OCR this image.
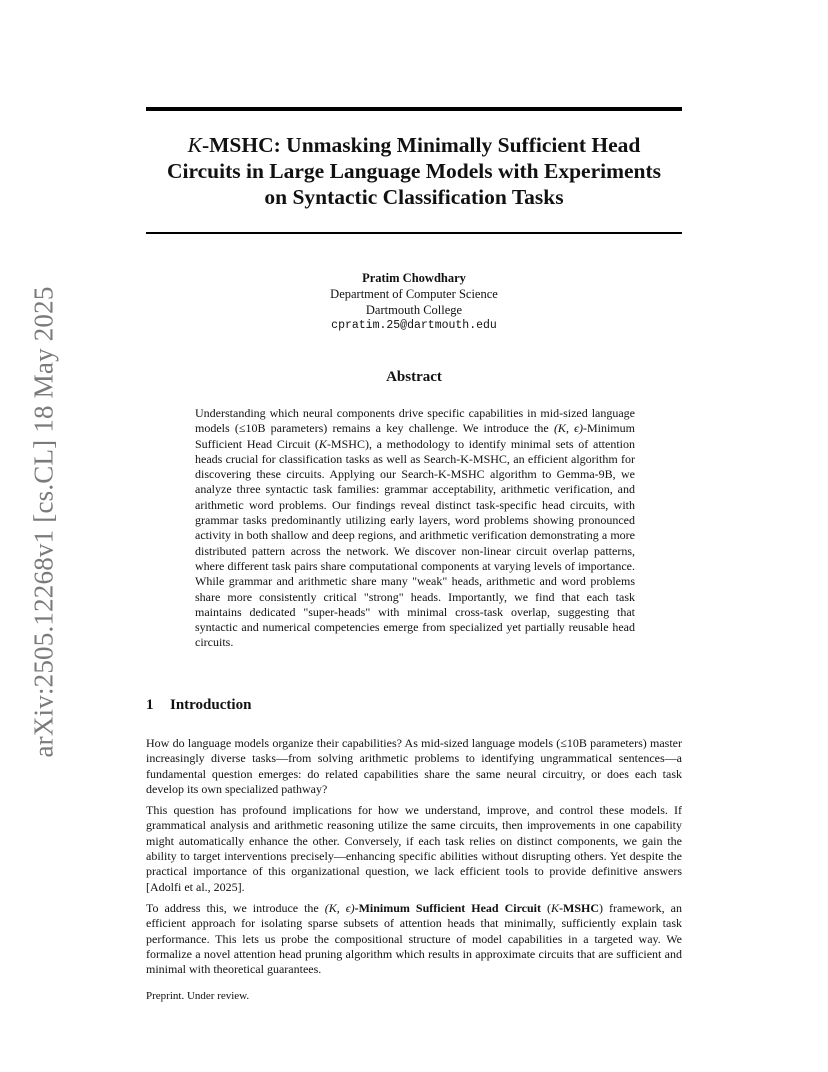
arXiv:2505.12268v1 [cs.CL] 18 May 2025
K-MSHC: Unmasking Minimally Sufficient Head
Circuits in Large Language Models with Experiments
on Syntactic Classification Tasks
Pratim Chowdhary
Department of Computer Science
Dartmouth College
cpratim.25@dartmouth.edu
Abstract
Understanding which neural components drive specific capabilities in mid-sized language models (≤10B parameters) remains a key challenge. We introduce the (K, ϵ)-Minimum Sufficient Head Circuit (K-MSHC), a methodology to identify minimal sets of attention heads crucial for classification tasks as well as Search-K-MSHC, an efficient algorithm for discovering these circuits. Applying our Search-K-MSHC algorithm to Gemma-9B, we analyze three syntactic task families: grammar acceptability, arithmetic verification, and arithmetic word problems. Our findings reveal distinct task-specific head circuits, with grammar tasks predominantly utilizing early layers, word problems showing pronounced activity in both shallow and deep regions, and arithmetic verification demonstrating a more distributed pattern across the network. We discover non-linear circuit overlap patterns, where different task pairs share computational components at varying levels of importance. While grammar and arithmetic share many "weak" heads, arithmetic and word problems share more consistently critical "strong" heads. Importantly, we find that each task maintains dedicated "super-heads" with minimal cross-task overlap, suggesting that syntactic and numerical competencies emerge from specialized yet partially reusable head circuits.
1 Introduction

How do language models organize their capabilities? As mid-sized language models (≤10B parameters) master increasingly diverse tasks—from solving arithmetic problems to identifying ungrammatical sentences—a fundamental question emerges: do related capabilities share the same neural circuitry, or does each task develop its own specialized pathway?

This question has profound implications for how we understand, improve, and control these models. If grammatical analysis and arithmetic reasoning utilize the same circuits, then improvements in one capability might automatically enhance the other. Conversely, if each task relies on distinct components, we gain the ability to target interventions precisely—enhancing specific abilities without disrupting others. Yet despite the practical importance of this organizational question, we lack efficient tools to provide definitive answers [Adolfi et al., 2025].

To address this, we introduce the (K, ϵ)-Minimum Sufficient Head Circuit (K-MSHC) framework, an efficient approach for isolating sparse subsets of attention heads that minimally, sufficiently explain task performance. This lets us probe the compositional structure of model capabilities in a targeted way. We formalize a novel attention head pruning algorithm which results in approximate circuits that are sufficient and minimal with theoretical guarantees.

Preprint. Under review.
